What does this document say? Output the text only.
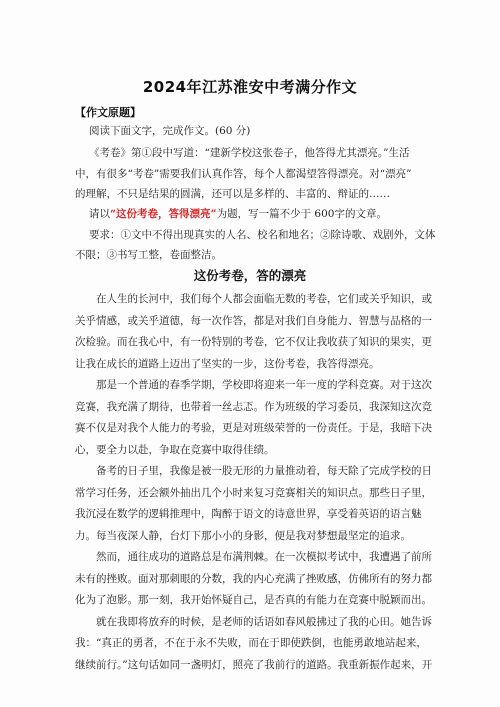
2024年江苏淮安中考满分作文
【作文原题】
阅读下面文字，完成作文。(60 分)
《考卷》第①段中写道：“建新学校这张卷子，他答得尤其漂亮。”生活
中，有很多“考卷”需要我们认真作答，每个人都渴望答得漂亮。对“漂亮”
的理解，不只是结果的圆满，还可以是多样的、丰富的、辩证的……
请以“这份考卷，答得漂亮”为题，写一篇不少于 600字的文章。
要求：①文中不得出现真实的人名、校名和地名；②除诗歌、戏剧外，文体
不限；③书写工整，卷面整洁。
这份考卷，答的漂亮
在人生的长河中，我们每个人都会面临无数的考卷，它们或关乎知识，或
关乎情感，或关乎道德，每一次作答，都是对我们自身能力、智慧与品格的一
次检验。而在我心中，有一份特别的考卷，它不仅让我收获了知识的果实，更
让我在成长的道路上迈出了坚实的一步，这份考卷，我答得漂亮。
那是一个普通的春季学期，学校即将迎来一年一度的学科竞赛。对于这次
竞赛，我充满了期待，也带着一丝忐忑。作为班级的学习委员，我深知这次竞
赛不仅是对我个人能力的考验，更是对班级荣誉的一份责任。于是，我暗下决
心，要全力以赴，争取在竞赛中取得佳绩。
备考的日子里，我像是被一股无形的力量推动着，每天除了完成学校的日
常学习任务，还会额外抽出几个小时来复习竞赛相关的知识点。那些日子里，
我沉浸在数学的逻辑推理中，陶醉于语文的诗意世界，享受着英语的语言魅
力。每当夜深人静，台灯下那小小的身影，便是我对梦想最坚定的追求。
然而，通往成功的道路总是布满荆棘。在一次模拟考试中，我遭遇了前所
未有的挫败。面对那刺眼的分数，我的内心充满了挫败感，仿佛所有的努力都
化为了泡影。那一刻，我开始怀疑自己，是否真的有能力在竞赛中脱颖而出。
就在我即将放弃的时候，是老师的话语如春风般拂过了我的心田。她告诉
我：“真正的勇者，不在于永不失败，而在于即使跌倒，也能勇敢地站起来，
继续前行。”这句话如同一盏明灯，照亮了我前行的道路。我重新振作起来，开
